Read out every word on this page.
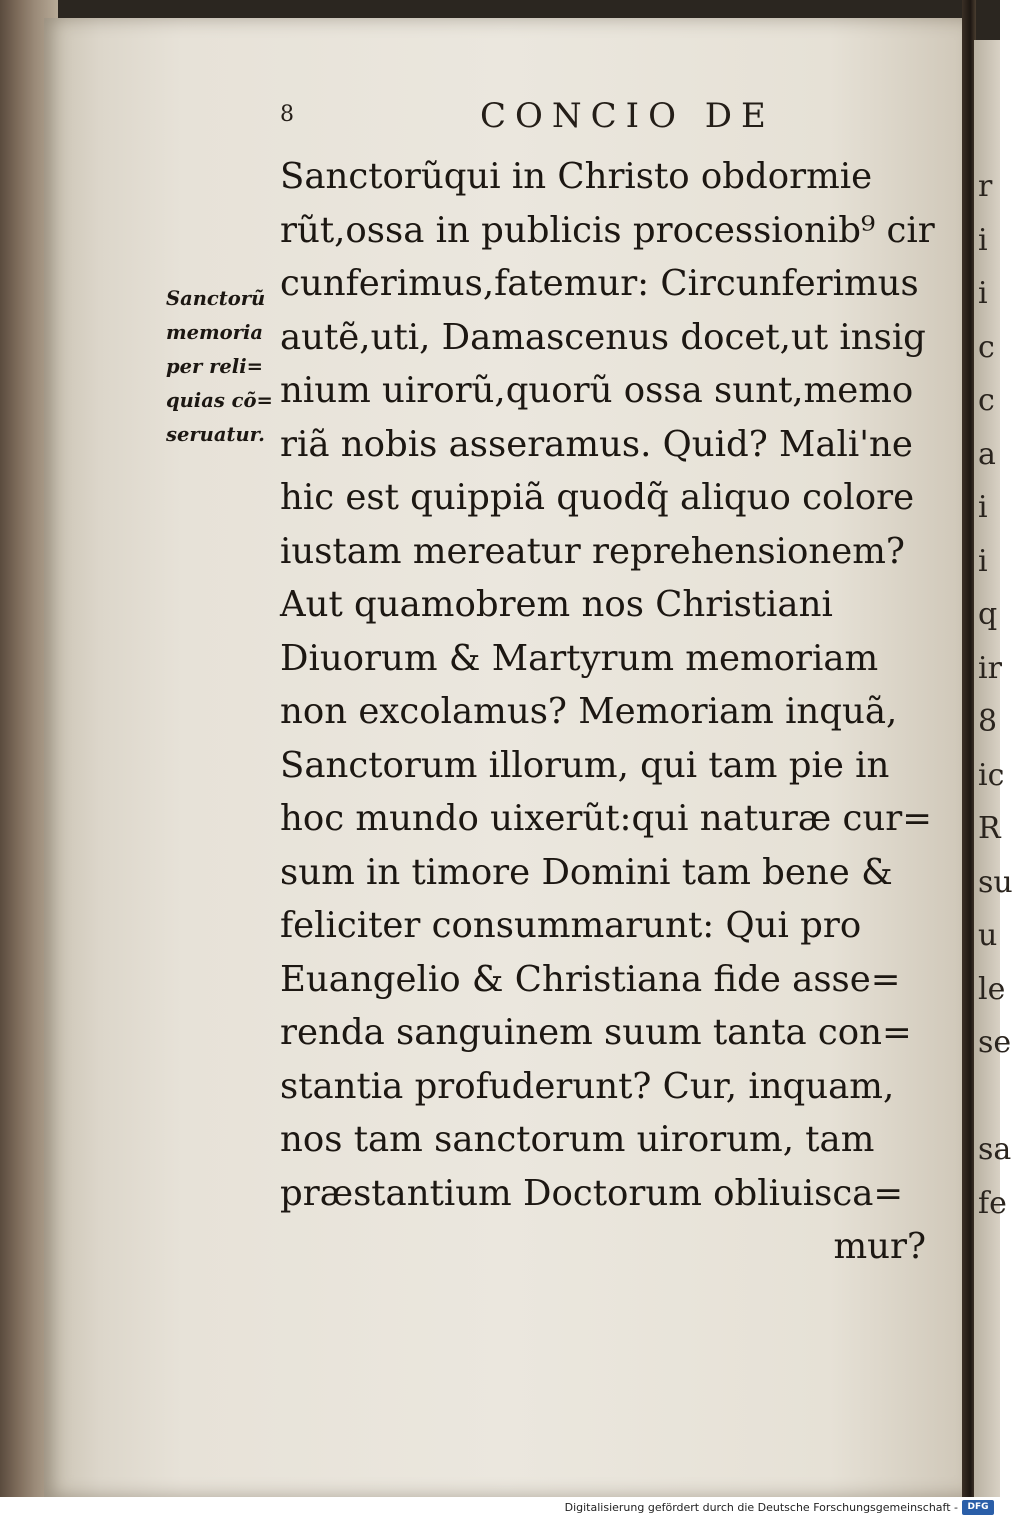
r
i
i
c
c
a
i
i
q
ir
8
ic
R
su
u
le
se
sa
fe
8	CONCIO DE
Sanctorũqui in Christo obdormie
rũt,ossa in publicis processionib⁹ cir
cunferimus,fatemur: Circunferimus
autẽ,uti, Damascenus docet,ut insig
nium uirorũ,quorũ ossa sunt,memo
riã nobis asseramus. Quid? Mali'ne
hic est quippiã quodq̃ aliquo colore
iustam mereatur reprehensionem?
Aut quamobrem nos Christiani
Diuorum & Martyrum memoriam
non excolamus? Memoriam inquã,
Sanctorum illorum, qui tam pie in
hoc mundo uixerũt:qui naturæ cur=
sum in timore Domini tam bene &
feliciter consummarunt: Qui pro
Euangelio & Christiana fide asse=
renda sanguinem suum tanta con=
stantia profuderunt? Cur, inquam,
nos tam sanctorum uirorum, tam
præstantium Doctorum obliuisca=
mur?
Sanctorũ
memoria
per reli=
quias cõ=
seruatur.
Digitalisierung gefördert durch die Deutsche Forschungsgemeinschaft -	DFG
